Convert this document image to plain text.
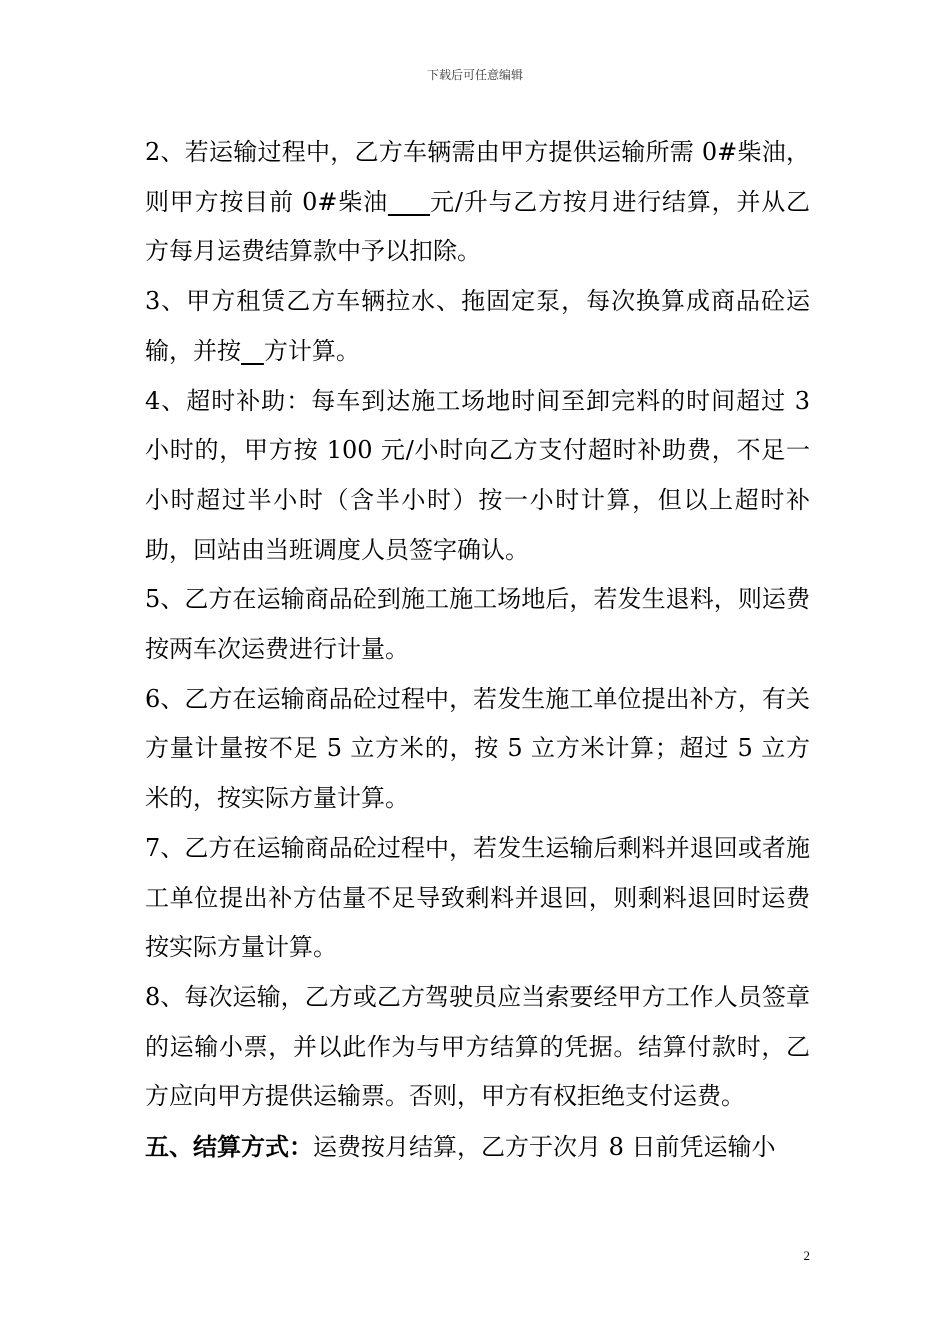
下载后可任意编辑

2、若运输过程中，乙方车辆需由甲方提供运输所需 0#柴油，则甲方按目前 0#柴油 元/升与乙方按月进行结算，并从乙方每月运费结算款中予以扣除。

3、甲方租赁乙方车辆拉水、拖固定泵，每次换算成商品砼运输，并按 方计算。

4、超时补助：每车到达施工场地时间至卸完料的时间超过 3 小时的，甲方按 100 元/小时向乙方支付超时补助费，不足一小时超过半小时（含半小时）按一小时计算，但以上超时补助，回站由当班调度人员签字确认。

5、乙方在运输商品砼到施工施工场地后，若发生退料，则运费按两车次运费进行计量。

6、乙方在运输商品砼过程中，若发生施工单位提出补方，有关方量计量按不足 5 立方米的，按 5 立方米计算；超过 5 立方米的，按实际方量计算。

7、乙方在运输商品砼过程中，若发生运输后剩料并退回或者施工单位提出补方估量不足导致剩料并退回，则剩料退回时运费按实际方量计算。

8、每次运输，乙方或乙方驾驶员应当索要经甲方工作人员签章的运输小票，并以此作为与甲方结算的凭据。结算付款时，乙方应向甲方提供运输票。否则，甲方有权拒绝支付运费。

五、结算方式：运费按月结算，乙方于次月 8 日前凭运输小

2
